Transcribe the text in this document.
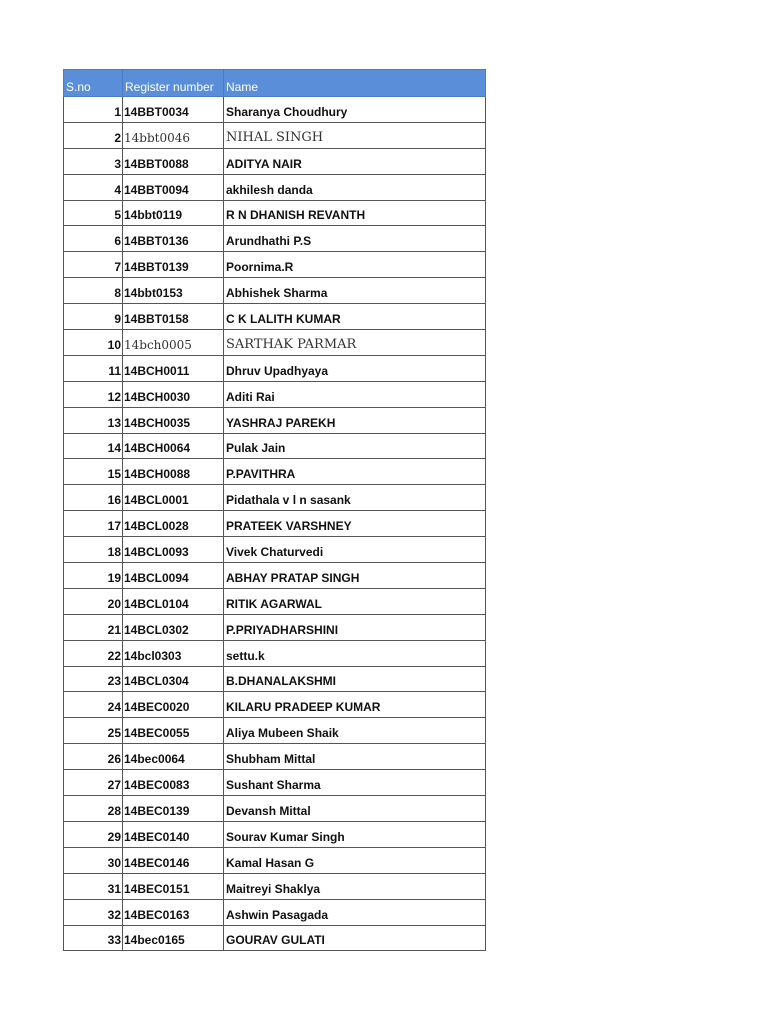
S.no	Register number	Name
1	14BBT0034	Sharanya Choudhury
2	14bbt0046	NIHAL SINGH
3	14BBT0088	ADITYA NAIR
4	14BBT0094	akhilesh danda
5	14bbt0119	R N DHANISH REVANTH
6	14BBT0136	Arundhathi P.S
7	14BBT0139	Poornima.R
8	14bbt0153	Abhishek Sharma
9	14BBT0158	C K LALITH KUMAR
10	14bch0005	SARTHAK PARMAR
11	14BCH0011	Dhruv Upadhyaya
12	14BCH0030	Aditi Rai
13	14BCH0035	YASHRAJ PAREKH
14	14BCH0064	Pulak Jain
15	14BCH0088	P.PAVITHRA
16	14BCL0001	Pidathala v l n sasank
17	14BCL0028	PRATEEK VARSHNEY
18	14BCL0093	Vivek Chaturvedi
19	14BCL0094	ABHAY PRATAP SINGH
20	14BCL0104	RITIK AGARWAL
21	14BCL0302	P.PRIYADHARSHINI
22	14bcl0303	settu.k
23	14BCL0304	B.DHANALAKSHMI
24	14BEC0020	KILARU PRADEEP KUMAR
25	14BEC0055	Aliya Mubeen Shaik
26	14bec0064	Shubham Mittal
27	14BEC0083	Sushant Sharma
28	14BEC0139	Devansh Mittal
29	14BEC0140	Sourav Kumar Singh
30	14BEC0146	Kamal Hasan G
31	14BEC0151	Maitreyi Shaklya
32	14BEC0163	Ashwin Pasagada
33	14bec0165	GOURAV GULATI
